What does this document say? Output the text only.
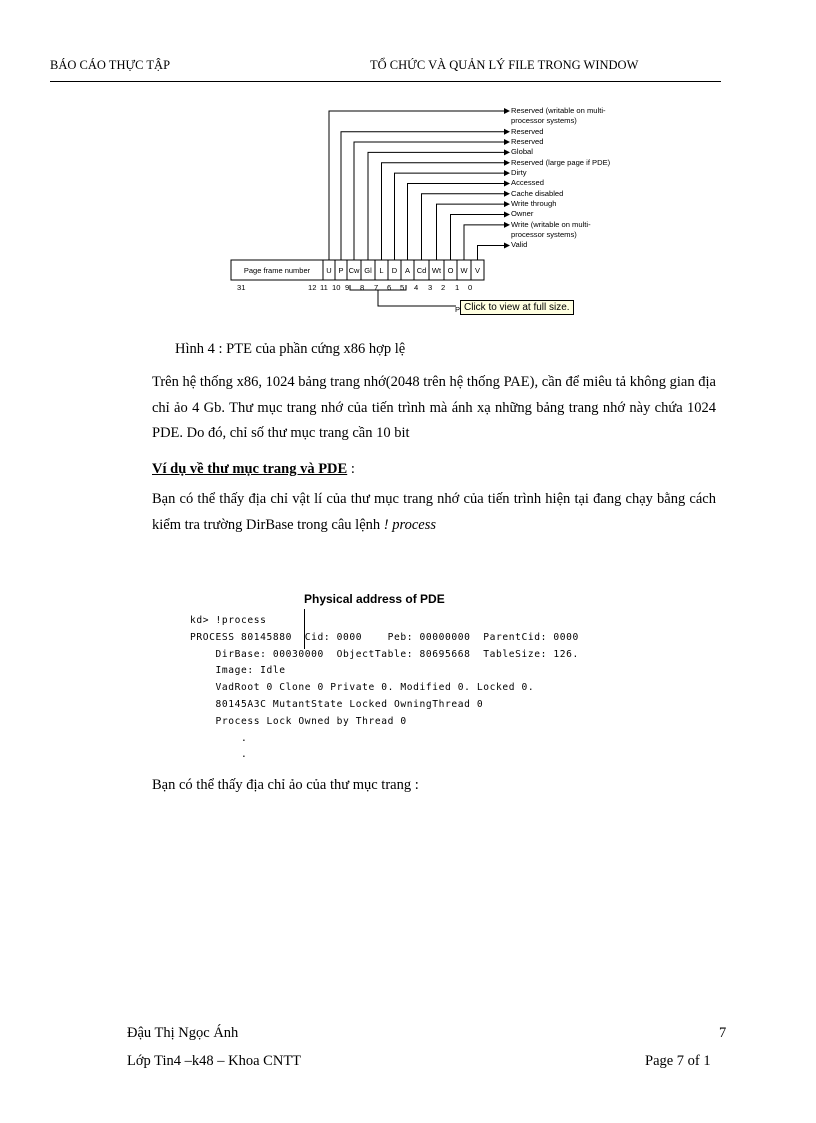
BÁO CÁO THỰC TẬP	TỔ CHỨC VÀ QUẢN LÝ FILE TRONG WINDOW
Page frame number U P Cw Gl L D A Cd Wt O W V
Reserved (writable on multi-
processor systems)
Reserved
Reserved
Global
Reserved (large page if PDE)
Dirty
Accessed
Cache disabled
Write through
Owner
Write (writable on multi-
processor systems)
Valid
31	12 11 10 9 8 7 6 5 4 3 2 1 0
Click to view at full size.
P
Hình 4 : PTE của phần cứng x86 hợp lệ
Trên hệ thống x86, 1024 bảng trang nhớ(2048 trên hệ thống PAE), cần để miêu tả không gian địa chỉ ảo 4 Gb. Thư mục trang nhớ của tiến trình mà ánh xạ những bảng trang nhớ này chứa 1024 PDE. Do đó, chỉ số thư mục trang cần 10 bit
Ví dụ về thư mục trang và PDE :
Bạn có thể thấy địa chỉ vật lí của thư mục trang nhớ của tiến trình hiện tại đang chạy bằng cách kiểm tra trường DirBase trong câu lệnh ! process
Physical address of PDE
kd> !process
PROCESS 80145880  Cid: 0000    Peb: 00000000  ParentCid: 0000
DirBase: 00030000  ObjectTable: 80695668  TableSize: 126.
Image: Idle
VadRoot 0 Clone 0 Private 0. Modified 0. Locked 0.
80145A3C MutantState Locked OwningThread 0
Process Lock Owned by Thread 0
.
.
Bạn có thể thấy địa chỉ ảo của thư mục trang :
Đậu Thị Ngọc Ánh	7
Lớp Tin4 –k48 – Khoa CNTT	Page 7 of 1
